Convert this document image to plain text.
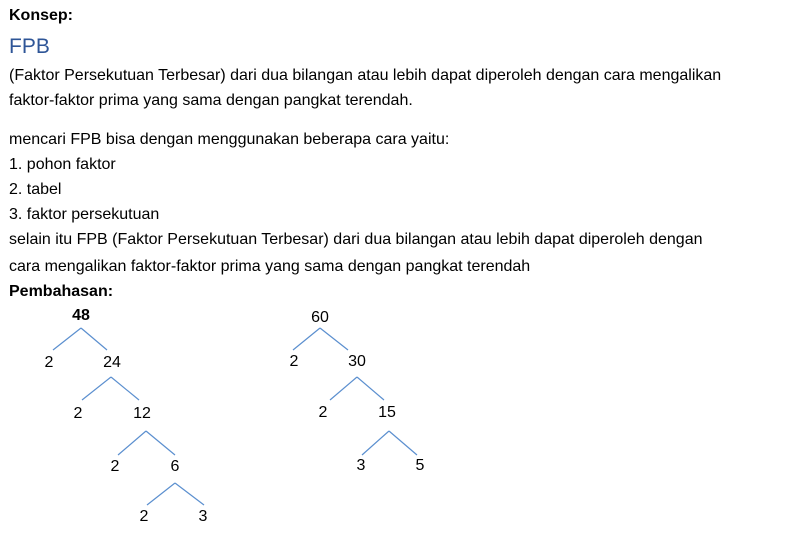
Konsep:
FPB
(Faktor Persekutuan Terbesar) dari dua bilangan atau lebih dapat diperoleh dengan cara mengalikan
faktor-faktor prima yang sama dengan pangkat terendah.
mencari FPB bisa dengan menggunakan beberapa cara yaitu:
1. pohon faktor
2. tabel
3. faktor persekutuan
selain itu FPB (Faktor Persekutuan Terbesar) dari dua bilangan atau lebih dapat diperoleh dengan
cara mengalikan faktor-faktor prima yang sama dengan pangkat terendah
Pembahasan:
48
2	24
2	12
2	6
2	3
60
2	30
2	15
3	5
